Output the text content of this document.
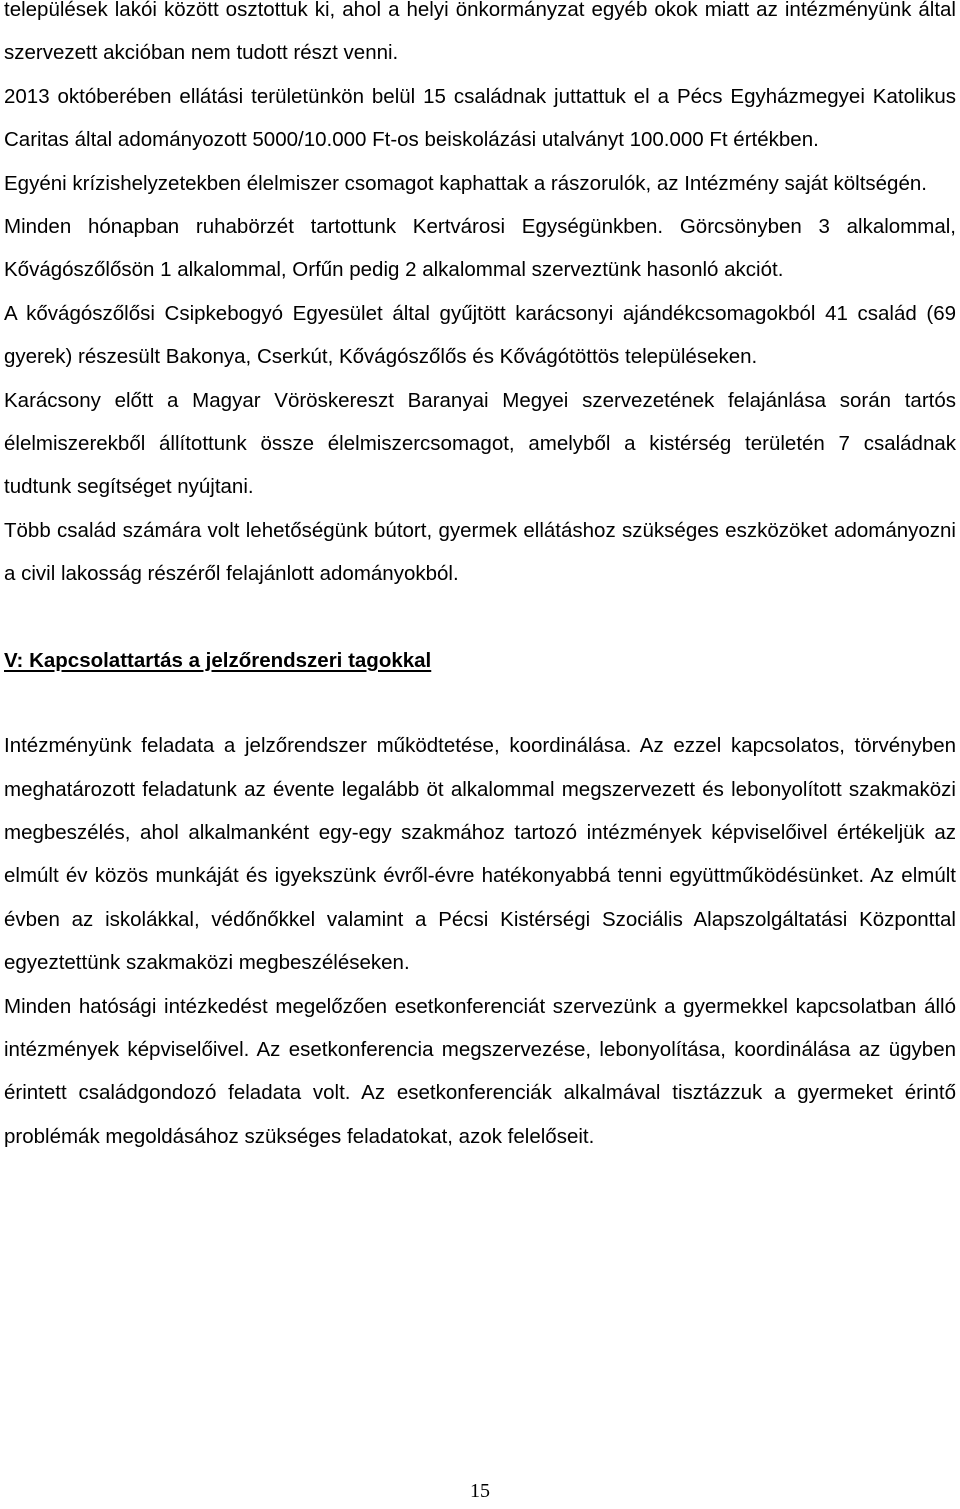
települések lakói között osztottuk ki, ahol a helyi önkormányzat egyéb okok miatt az intézményünk által szervezett akcióban nem tudott részt venni.

2013 októberében ellátási területünkön belül 15 családnak juttattuk el a Pécs Egyházmegyei Katolikus Caritas által adományozott 5000/10.000 Ft-os beiskolázási utalványt 100.000 Ft értékben.

Egyéni krízishelyzetekben élelmiszer csomagot kaphattak a rászorulók, az Intézmény saját költségén.

Minden hónapban ruhabörzét tartottunk Kertvárosi Egységünkben. Görcsönyben 3 alkalommal, Kővágószőlősön 1 alkalommal, Orfűn pedig 2 alkalommal szerveztünk hasonló akciót.

A kővágószőlősi Csipkebogyó Egyesület által gyűjtött karácsonyi ajándékcsomagokból 41 család (69 gyerek) részesült Bakonya, Cserkút, Kővágószőlős és Kővágótöttös településeken.

Karácsony előtt a Magyar Vöröskereszt Baranyai Megyei szervezetének felajánlása során tartós élelmiszerekből állítottunk össze élelmiszercsomagot, amelyből a kistérség területén 7 családnak tudtunk segítséget nyújtani.

Több család számára volt lehetőségünk bútort, gyermek ellátáshoz szükséges eszközöket adományozni a civil lakosság részéről felajánlott adományokból.

V: Kapcsolattartás a jelzőrendszeri tagokkal

Intézményünk feladata a jelzőrendszer működtetése, koordinálása. Az ezzel kapcsolatos, törvényben meghatározott feladatunk az évente legalább öt alkalommal megszervezett és lebonyolított szakmaközi megbeszélés, ahol alkalmanként egy-egy szakmához tartozó intézmények képviselőivel értékeljük az elmúlt év közös munkáját és igyekszünk évről-évre hatékonyabbá tenni együttműködésünket. Az elmúlt évben az iskolákkal, védőnőkkel valamint a Pécsi Kistérségi Szociális Alapszolgáltatási Központtal egyeztettünk szakmaközi megbeszéléseken.

Minden hatósági intézkedést megelőzően esetkonferenciát szervezünk a gyermekkel kapcsolatban álló intézmények képviselőivel. Az esetkonferencia megszervezése, lebonyolítása, koordinálása az ügyben érintett családgondozó feladata volt. Az esetkonferenciák alkalmával tisztázzuk a gyermeket érintő problémák megoldásához szükséges feladatokat, azok felelőseit.

15
